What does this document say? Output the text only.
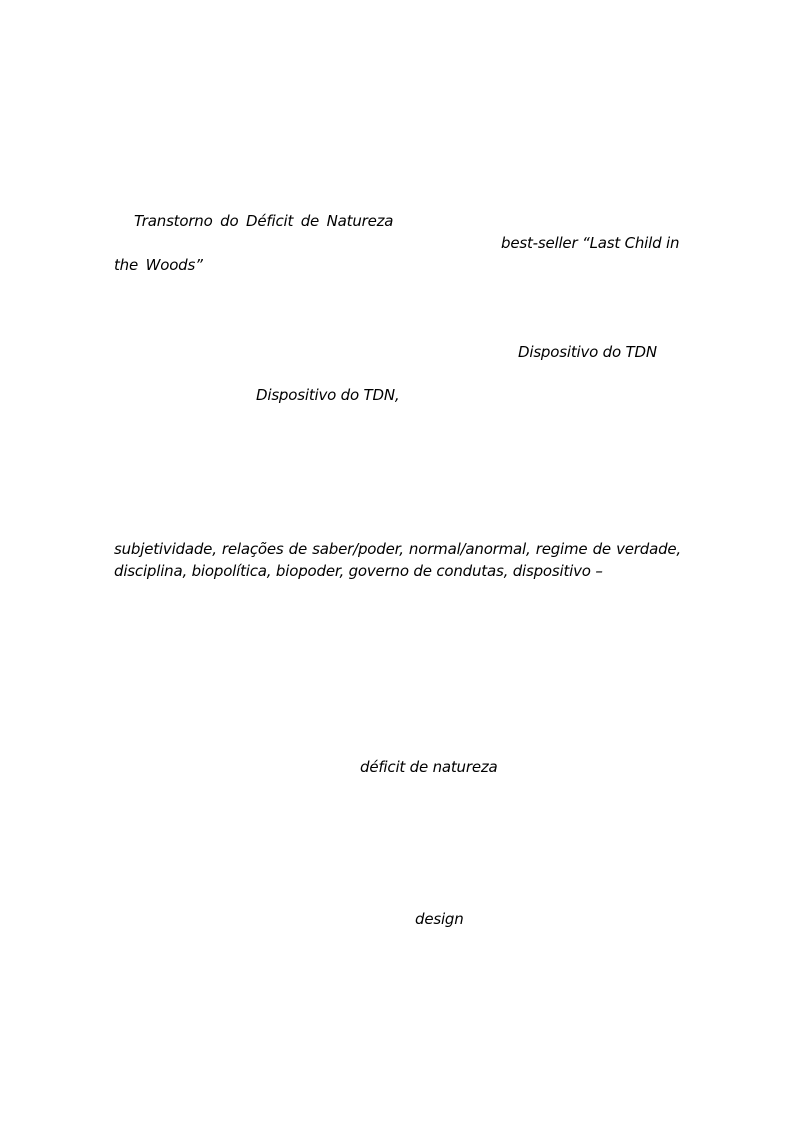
Transtorno do Déficit de Natureza
best-seller “Last Child in
the Woods”
Dispositivo do TDN
Dispositivo do TDN,
subjetividade, relações de saber/poder, normal/anormal, regime de verdade,
disciplina, biopolítica, biopoder, governo de condutas, dispositivo –
déficit de natureza
design
